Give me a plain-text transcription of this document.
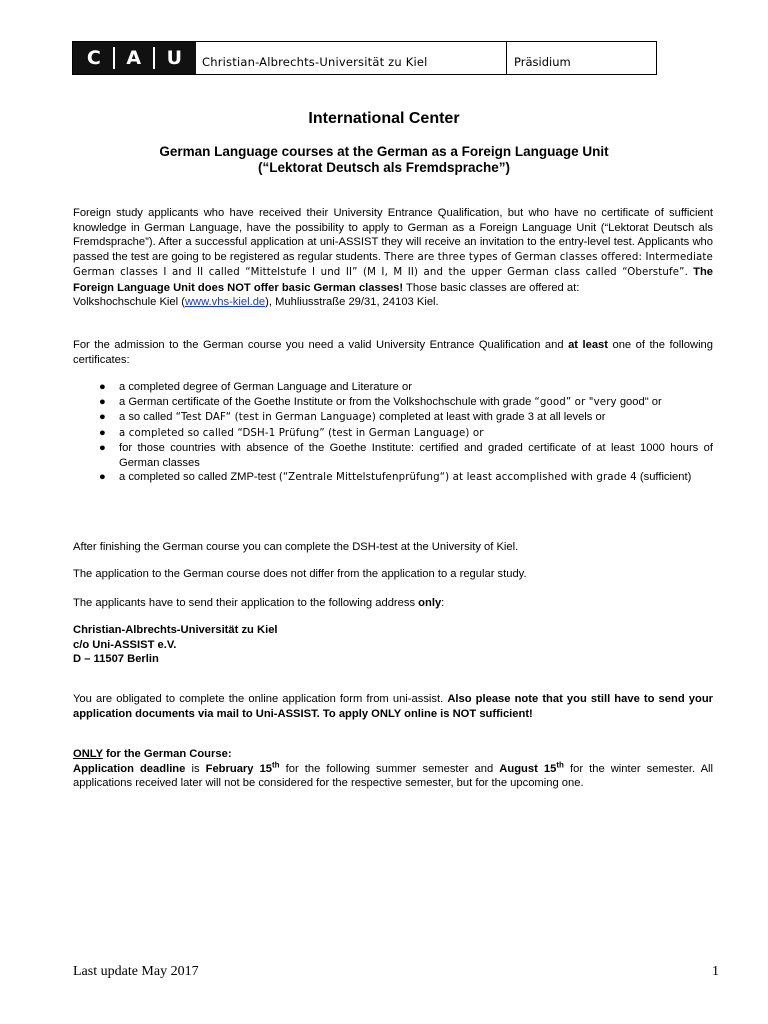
C A U	Christian-Albrechts-Universität zu Kiel	Präsidium
International Center
German Language courses at the German as a Foreign Language Unit
(“Lektorat Deutsch als Fremdsprache”)
Foreign study applicants who have received their University Entrance Qualification, but who have no certificate of sufficient knowledge in German Language, have the possibility to apply to German as a Foreign Language Unit (“Lektorat Deutsch als Fremdsprache”). After a successful application at uni-ASSIST they will receive an invitation to the entry-level test. Applicants who passed the test are going to be registered as regular students. There are three types of German classes offered: Intermediate German classes I and II called “Mittelstufe I und II” (M I, M II) and the upper German class called “Oberstufe”. The Foreign Language Unit does NOT offer basic German classes! Those basic classes are offered at:
Volkshochschule Kiel (www.vhs-kiel.de), Muhliusstraße 29/31, 24103 Kiel.
For the admission to the German course you need a valid University Entrance Qualification and at least one of the following certificates:
● a completed degree of German Language and Literature or
● a German certificate of the Goethe Institute or from the Volkshochschule with grade “good” or "very good" or
● a so called “Test DAF“ (test in German Language) completed at least with grade 3 at all levels or
● a completed so called “DSH-1 Prüfung” (test in German Language) or
● for those countries with absence of the Goethe Institute: certified and graded certificate of at least 1000 hours of German classes
● a completed so called ZMP-test (“Zentrale Mittelstufenprüfung“) at least accomplished with grade 4 (sufficient)
After finishing the German course you can complete the DSH-test at the University of Kiel.
The application to the German course does not differ from the application to a regular study.
The applicants have to send their application to the following address only:
Christian-Albrechts-Universität zu Kiel
c/o Uni-ASSIST e.V.
D – 11507 Berlin
You are obligated to complete the online application form from uni-assist. Also please note that you still have to send your application documents via mail to Uni-ASSIST. To apply ONLY online is NOT sufficient!
ONLY for the German Course:
Application deadline is February 15th for the following summer semester and August 15th for the winter semester. All applications received later will not be considered for the respective semester, but for the upcoming one.
Last update May 2017	1
